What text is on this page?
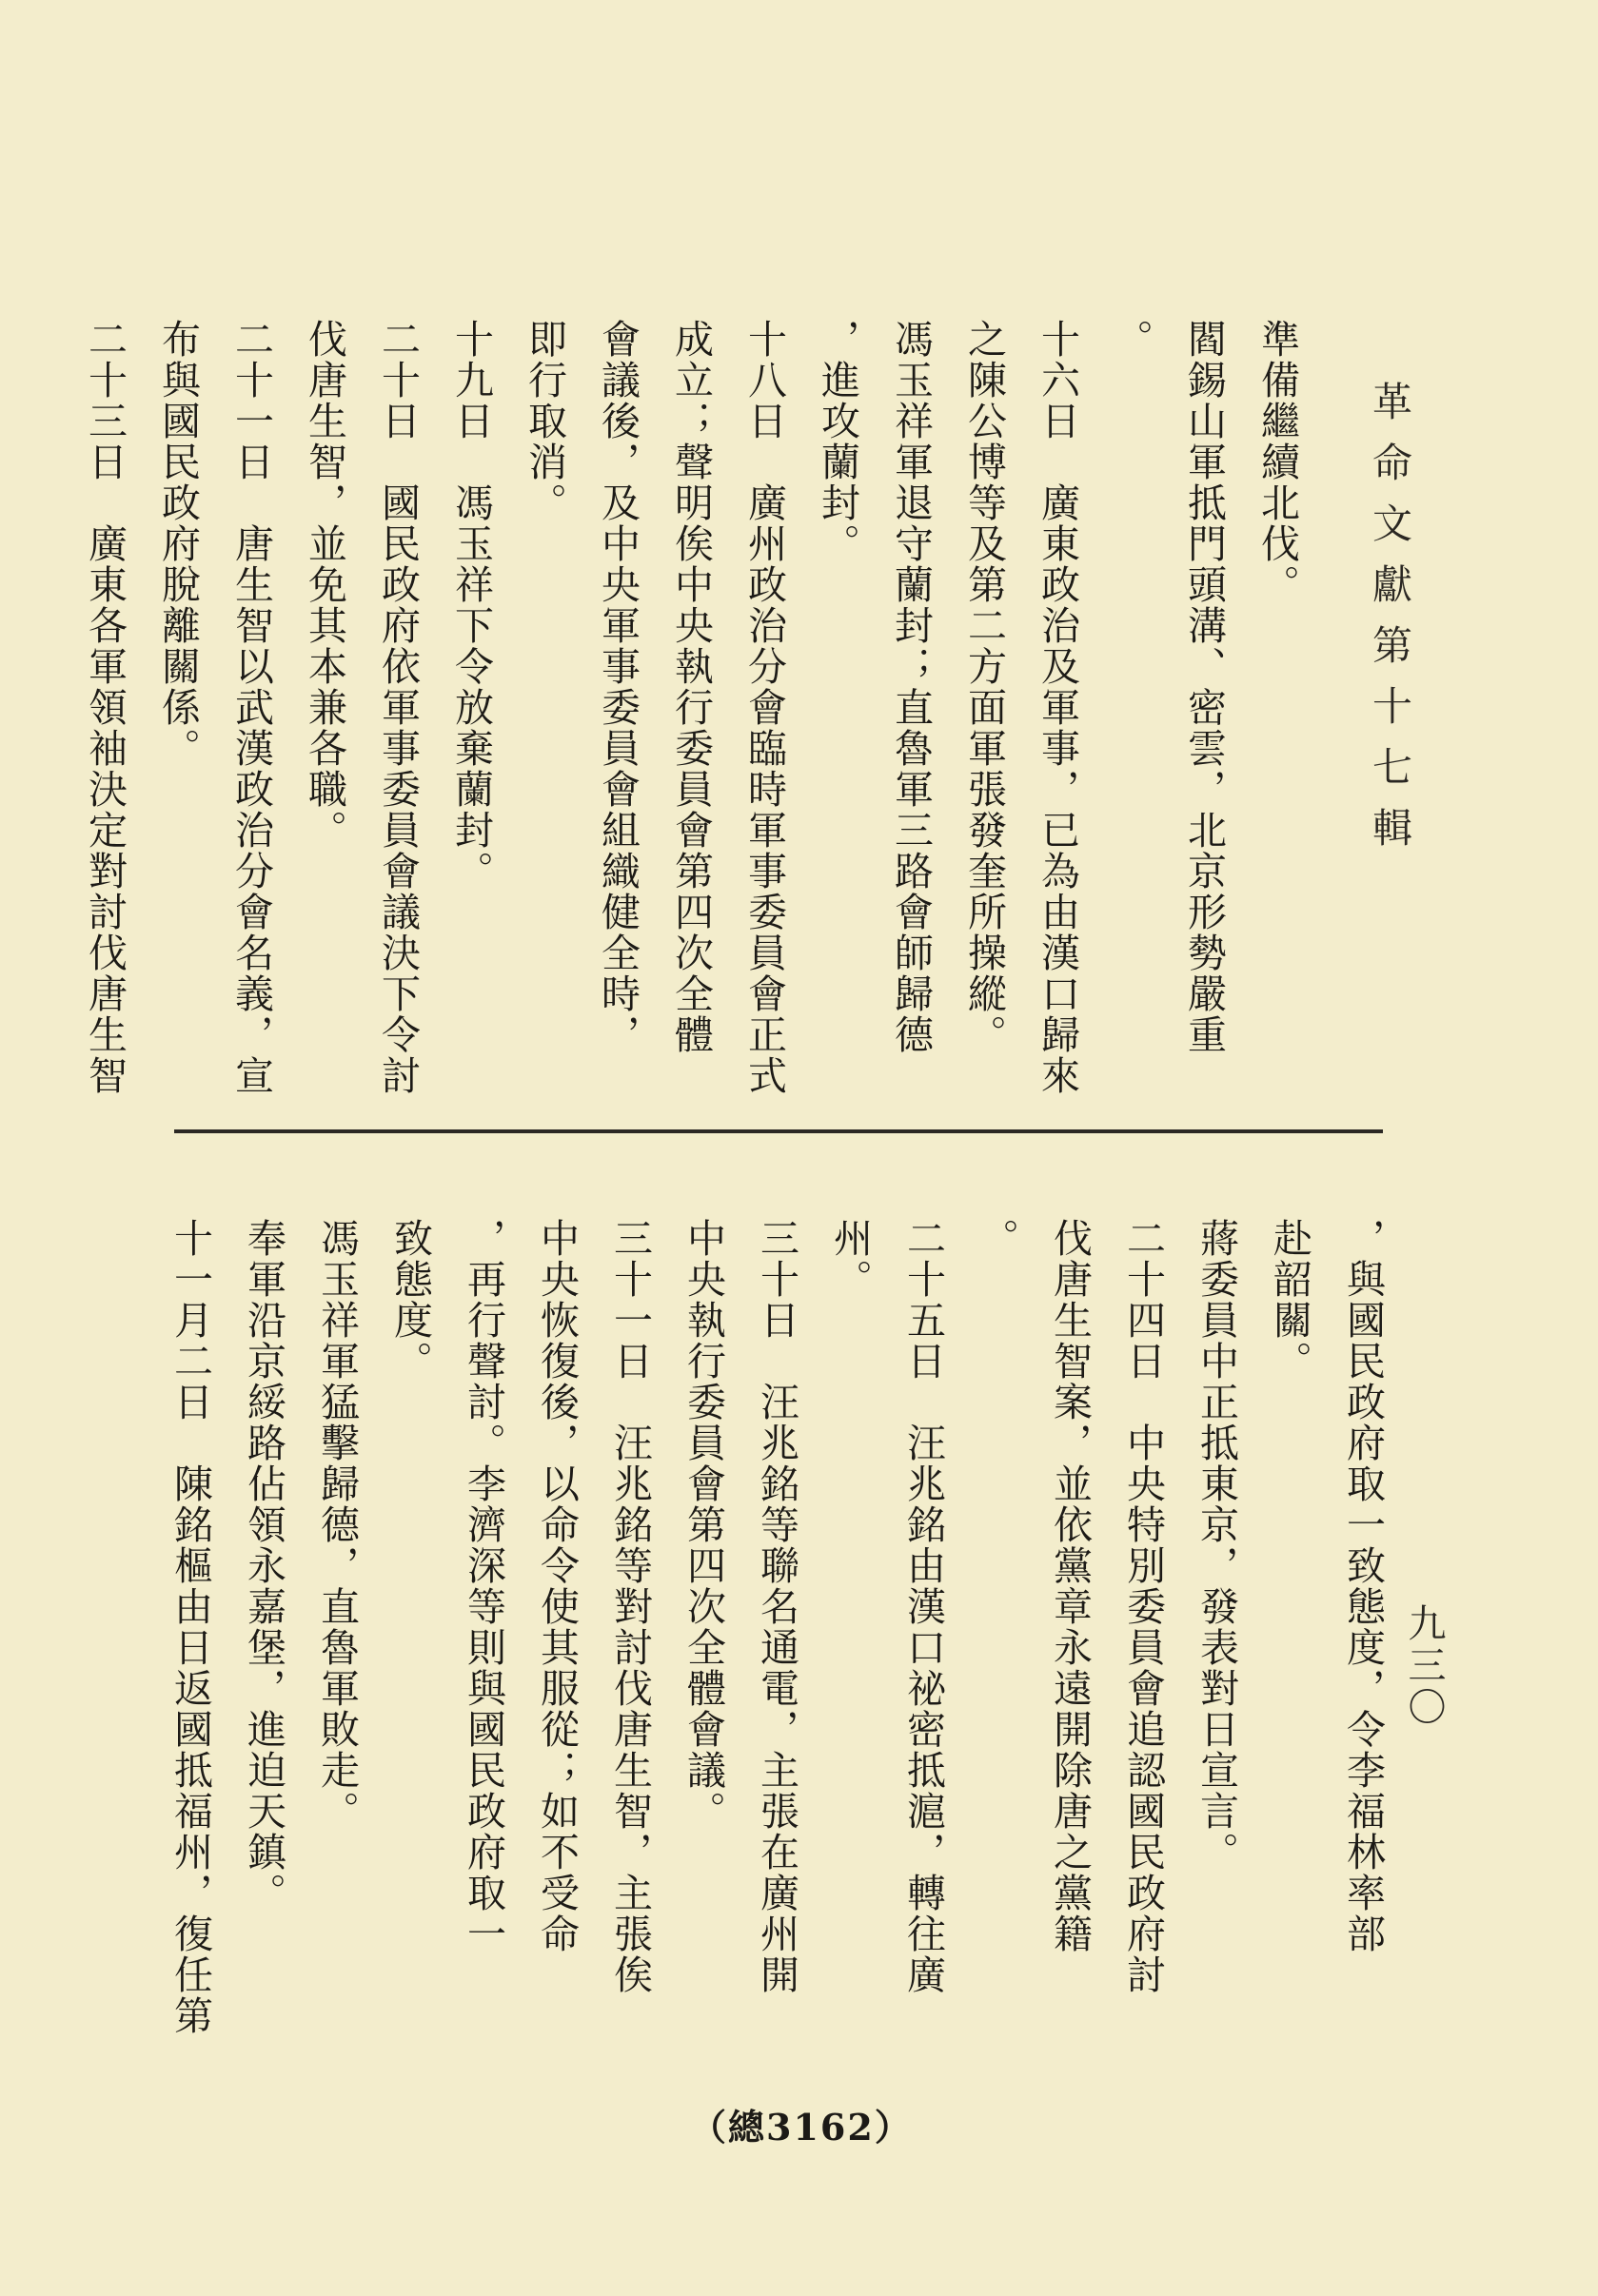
革命文獻第十七輯
九三〇
準備繼續北伐。
閻錫山軍抵門頭溝、密雲，北京形勢嚴重
。
十六日　廣東政治及軍事，已為由漢口歸來
之陳公博等及第二方面軍張發奎所操縱。
馮玉祥軍退守蘭封；直魯軍三路會師歸德
，進攻蘭封。
十八日　廣州政治分會臨時軍事委員會正式
成立；聲明俟中央執行委員會第四次全體
會議後，及中央軍事委員會組織健全時，
即行取消。
十九日　馮玉祥下令放棄蘭封。
二十日　國民政府依軍事委員會議決下令討
伐唐生智，並免其本兼各職。
二十一日　唐生智以武漢政治分會名義，宣
布與國民政府脫離關係。
二十三日　廣東各軍領袖決定對討伐唐生智
，與國民政府取一致態度，令李福林率部
赴韶關。
蔣委員中正抵東京，發表對日宣言。
二十四日　中央特別委員會追認國民政府討
伐唐生智案，並依黨章永遠開除唐之黨籍
。
二十五日　汪兆銘由漢口祕密抵滬，轉往廣
州。
三十日　汪兆銘等聯名通電，主張在廣州開
中央執行委員會第四次全體會議。
三十一日　汪兆銘等對討伐唐生智，主張俟
中央恢復後，以命令使其服從；如不受命
，再行聲討。李濟深等則與國民政府取一
致態度。
馮玉祥軍猛擊歸德，直魯軍敗走。
奉軍沿京綏路佔領永嘉堡，進迫天鎮。
十一月二日　陳銘樞由日返國抵福州，復任第
（總3162）
